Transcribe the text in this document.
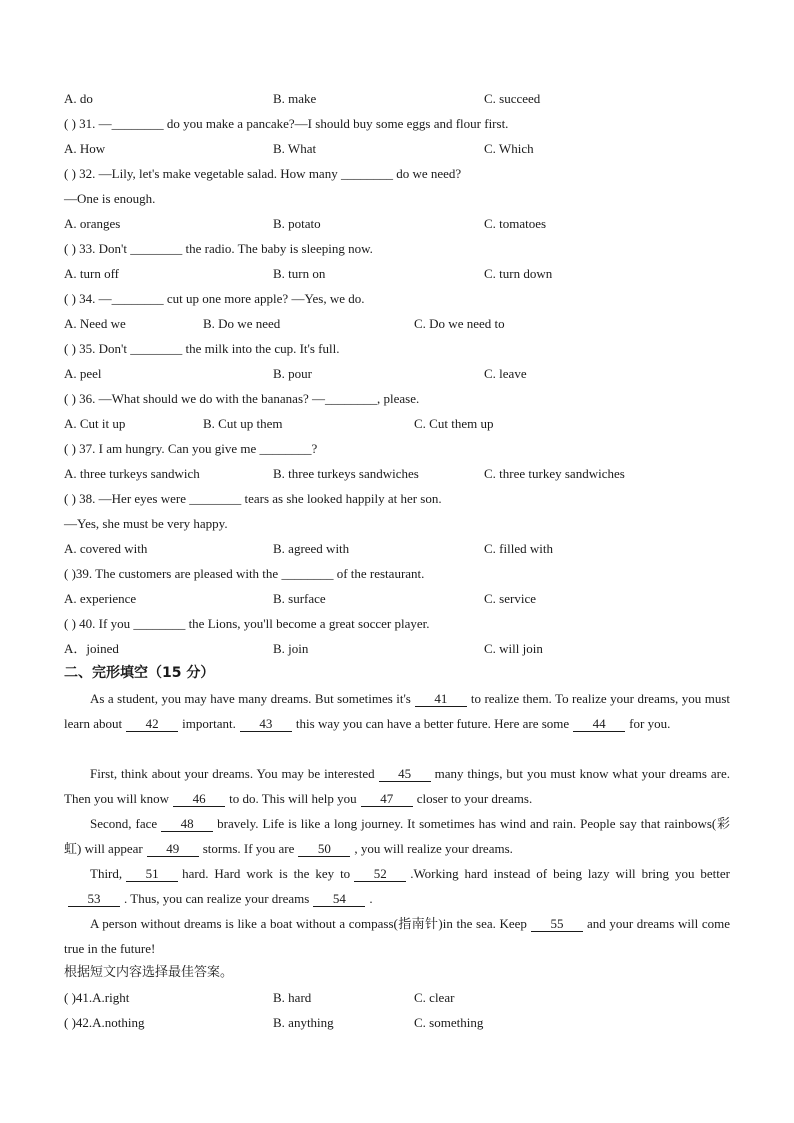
A. do	B. make	C. succeed
( ) 31. —________ do you make a pancake?—I should buy some eggs and flour first.
A. How	B. What	C. Which
( ) 32. —Lily, let's make vegetable salad. How many ________ do we need?
—One is enough.
A. oranges	B. potato	C. tomatoes
( ) 33. Don't ________ the radio. The baby is sleeping now.
A. turn off	B. turn on	C. turn down
( ) 34. —________ cut up one more apple? —Yes, we do.
A. Need we	B. Do we need	C. Do we need to
( ) 35. Don't ________ the milk into the cup. It's full.
A. peel	B. pour	C. leave
( ) 36. —What should we do with the bananas? —________, please.
A. Cut it up	B. Cut up them	C. Cut them up
( ) 37. I am hungry. Can you give me ________?
A. three turkeys sandwich	B. three turkeys sandwiches	C. three turkey sandwiches
( ) 38. —Her eyes were ________ tears as she looked happily at her son.
—Yes, she must be very happy.
A. covered with	B. agreed with	C. filled with
( )39. The customers are pleased with the ________ of the restaurant.
A. experience	B. surface	C. service
( ) 40. If you ________ the Lions, you'll become a great soccer player.
A．joined	B. join	C. will join
二、完形填空（15 分）
As a student, you may have many dreams. But sometimes it's 41 to realize them. To realize your dreams, you must learn about 42 important. 43 this way you can have a better future. Here are some 44 for you.
First, think about your dreams. You may be interested 45 many things, but you must know what your dreams are. Then you will know 46 to do. This will help you 47 closer to your dreams.
Second, face 48 bravely. Life is like a long journey. It sometimes has wind and rain. People say that rainbows(彩虹) will appear 49 storms. If you are 50 , you will realize your dreams.
Third, 51 hard. Hard work is the key to 52 .Working hard instead of being lazy will bring you better53 . Thus, you can realize your dreams 54 .
A person without dreams is like a boat without a compass(指南针)in the sea. Keep 55 and your dreams will come true in the future!
根据短文内容选择最佳答案。
( )41.A.right	B. hard	C. clear
( )42.A.nothing	B. anything	C. something
